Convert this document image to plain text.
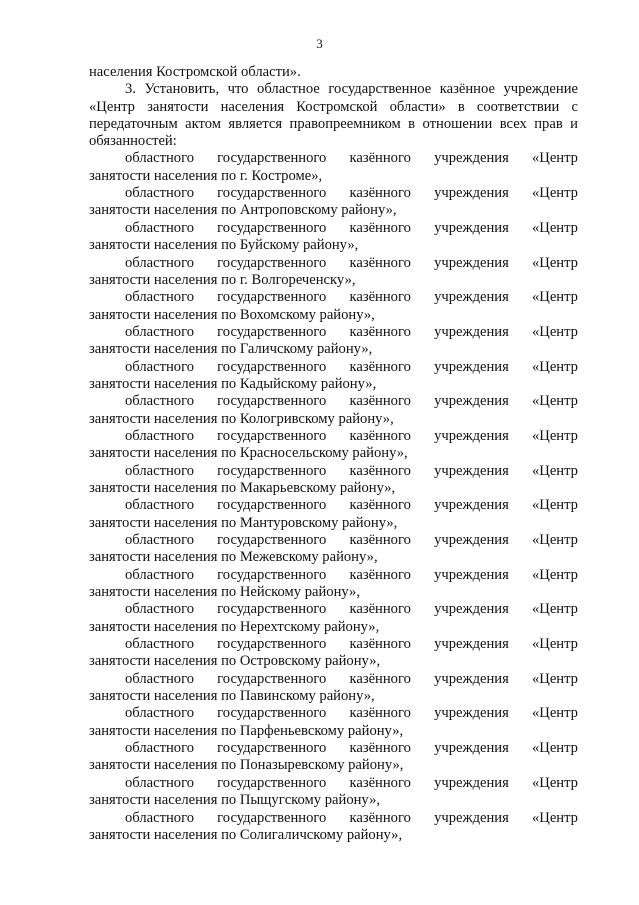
3
населения Костромской области».
3. Установить, что областное государственное казённое учреждение
«Центр занятости населения Костромской области» в соответствии с
передаточным актом является правопреемником в отношении всех прав и
обязанностей:
областного государственного казённого учреждения «Центр
занятости населения по г. Костроме»,
областного государственного казённого учреждения «Центр
занятости населения по Антроповскому району»,
областного государственного казённого учреждения «Центр
занятости населения по Буйскому району»,
областного государственного казённого учреждения «Центр
занятости населения по г. Волгореченску»,
областного государственного казённого учреждения «Центр
занятости населения по Вохомскому району»,
областного государственного казённого учреждения «Центр
занятости населения по Галичскому району»,
областного государственного казённого учреждения «Центр
занятости населения по Кадыйскому району»,
областного государственного казённого учреждения «Центр
занятости населения по Кологривскому району»,
областного государственного казённого учреждения «Центр
занятости населения по Красносельскому району»,
областного государственного казённого учреждения «Центр
занятости населения по Макарьевскому району»,
областного государственного казённого учреждения «Центр
занятости населения по Мантуровскому району»,
областного государственного казённого учреждения «Центр
занятости населения по Межевскому району»,
областного государственного казённого учреждения «Центр
занятости населения по Нейскому району»,
областного государственного казённого учреждения «Центр
занятости населения по Нерехтскому району»,
областного государственного казённого учреждения «Центр
занятости населения по Островскому району»,
областного государственного казённого учреждения «Центр
занятости населения по Павинскому району»,
областного государственного казённого учреждения «Центр
занятости населения по Парфеньевскому району»,
областного государственного казённого учреждения «Центр
занятости населения по Поназыревскому району»,
областного государственного казённого учреждения «Центр
занятости населения по Пыщугскому району»,
областного государственного казённого учреждения «Центр
занятости населения по Солигаличскому району»,
